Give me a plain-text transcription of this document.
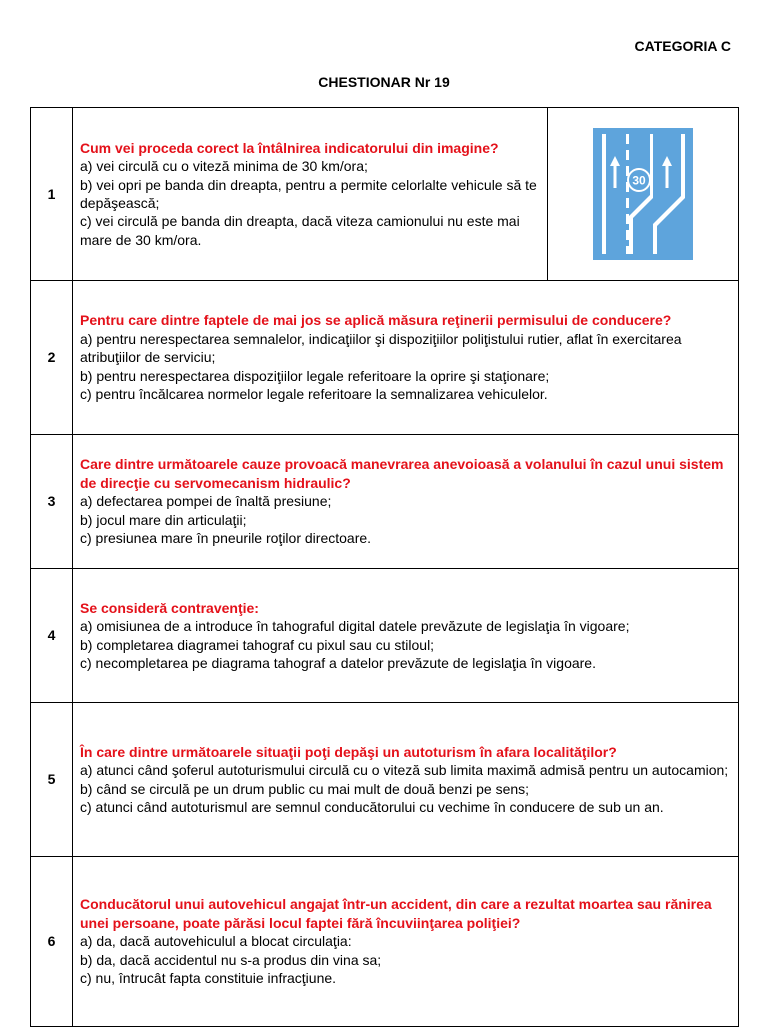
CATEGORIA C
CHESTIONAR Nr 19
1	Cum vei proceda corect la întâlnirea indicatorului din imagine?
a) vei circulă cu o viteză minima de 30 km/ora;
b) vei opri pe banda din dreapta, pentru a permite celorlalte vehicule să te depăşească;
c) vei circulă pe banda din dreapta, dacă viteza camionului nu este mai mare de 30 km/ora.	30

2	Pentru care dintre faptele de mai jos se aplică măsura reţinerii permisului de conducere?
a) pentru nerespectarea semnalelor, indicaţiilor şi dispoziţiilor poliţistului rutier, aflat în exercitarea atribuţiilor de serviciu;
b) pentru nerespectarea dispoziţiilor legale referitoare la oprire şi staţionare;
c) pentru încălcarea normelor legale referitoare la semnalizarea vehiculelor.	

3	Care dintre următoarele cauze provoacă manevrarea anevoioasă a volanului în cazul unui sistem de direcţie cu servomecanism hidraulic?
a) defectarea pompei de înaltă presiune;
b) jocul mare din articulaţii;
c) presiunea mare în pneurile roţilor directoare.	

4	Se consideră contravenţie:
a) omisiunea de a introduce în tahograful digital datele prevăzute de legislaţia în vigoare;
b) completarea diagramei tahograf cu pixul sau cu stiloul;
c) necompletarea pe diagrama tahograf a datelor prevăzute de legislaţia în vigoare.	

5	În care dintre următoarele situaţii poţi depăşi un autoturism în afara localităţilor?
a) atunci când şoferul autoturismului circulă cu o viteză sub limita maximă admisă pentru un autocamion;
b) când se circulă pe un drum public cu mai mult de două benzi pe sens;
c) atunci când autoturismul are semnul conducătorului cu vechime în conducere de sub un an.	

6	Conducătorul unui autovehicul angajat într-un accident, din care a rezultat moartea sau rănirea unei persoane, poate părăsi locul faptei fără încuviinţarea poliţiei?
a) da, dacă autovehiculul a blocat circulaţia:
b) da, dacă accidentul nu s-a produs din vina sa;
c) nu, întrucât fapta constituie infracţiune.	
